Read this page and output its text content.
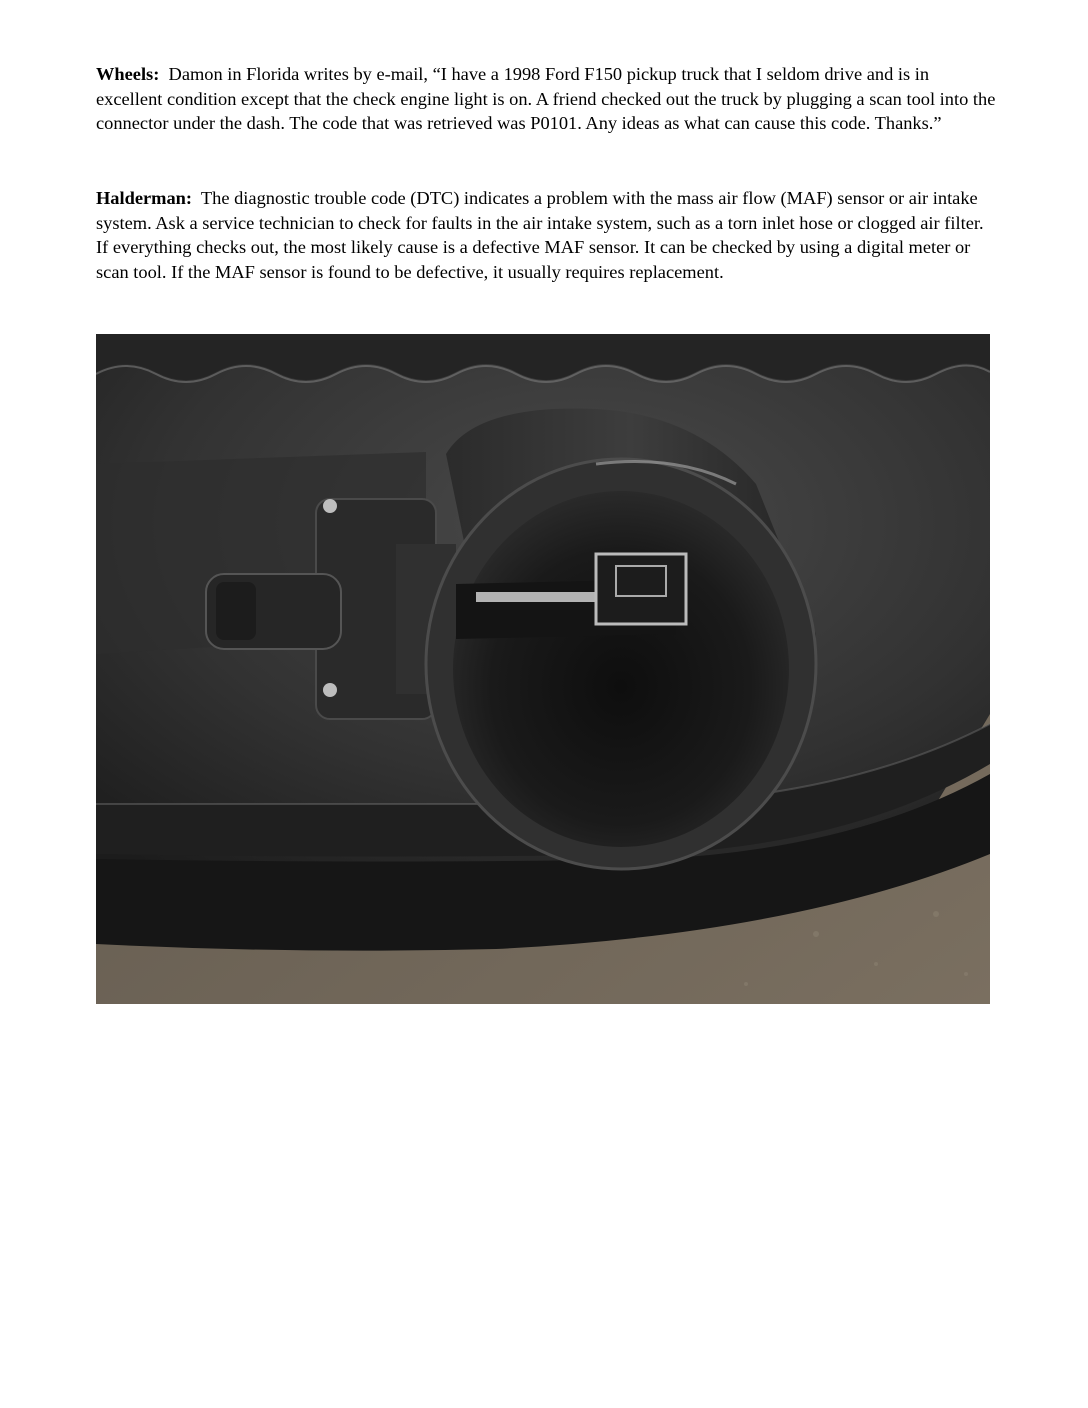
Wheels: Damon in Florida writes by e-mail, “I have a 1998 Ford F150 pickup truck that I seldom drive and is in excellent condition except that the check engine light is on. A friend checked out the truck by plugging a scan tool into the connector under the dash. The code that was retrieved was P0101. Any ideas as what can cause this code. Thanks.”

Halderman: The diagnostic trouble code (DTC) indicates a problem with the mass air flow (MAF) sensor or air intake system. Ask a service technician to check for faults in the air intake system, such as a torn inlet hose or clogged air filter. If everything checks out, the most likely cause is a defective MAF sensor. It can be checked by using a digital meter or scan tool. If the MAF sensor is found to be defective, it usually requires replacement.
